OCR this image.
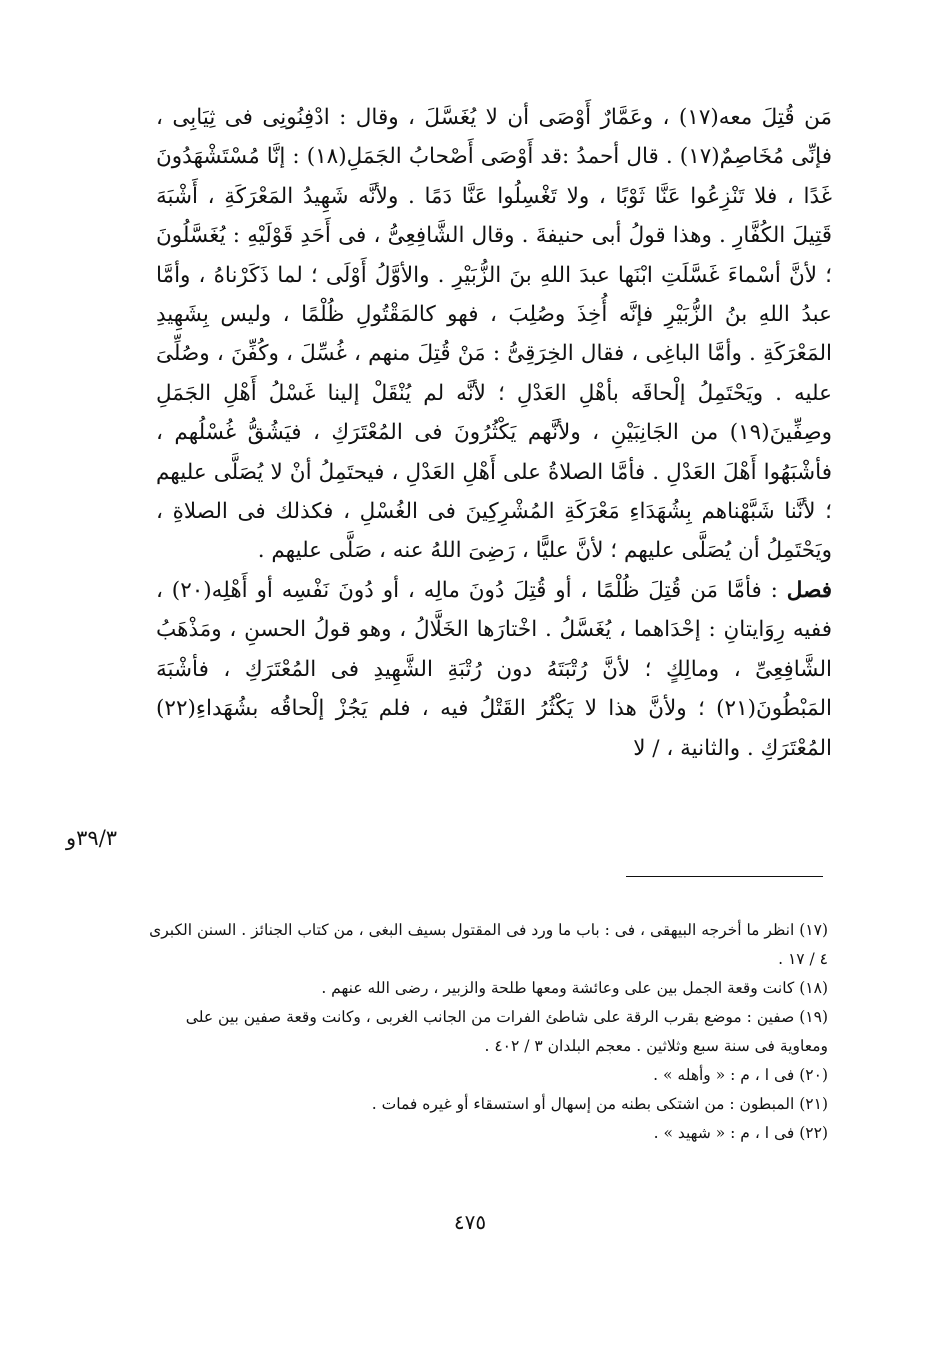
مَن قُتِلَ معه(١٧) ، وعَمَّارٌ أَوْصَى أن لا يُغَسَّلَ ، وقال : ادْفِنُونِى فى ثِيَابِى ، فإنِّى مُخَاصِمٌ(١٧) . قال أحمدُ :قد أَوْصَى أَصْحابُ الجَمَلِ(١٨) : إنَّا مُسْتَشْهَدُونَ غَدًا ، فلا تَنْزِعُوا عَنَّا ثَوْبًا ، ولا تَغْسِلُوا عَنَّا دَمًا . ولأنَّه شَهِيدُ المَعْرَكَةِ ، أَشْبَهَ قَتِيلَ الكُفَّارِ . وهذا قولُ أبى حنيفةَ . وقال الشَّافِعِىُّ ، فى أَحَدِ قَوْلَيْهِ : يُغَسَّلُونَ ؛ لأنَّ أسْماءَ غَسَّلَتِ ابْنَها عبدَ اللهِ بنَ الزُّبَيْرِ . والأوَّلُ أَوْلَى ؛ لما ذَكَرْناهُ ، وأمَّا عبدُ اللهِ بنُ الزُّبَيْرِ فإنَّه أُخِذَ وصُلِبَ ، فهو كالمَقْتُولِ ظُلْمًا ، وليس بِشَهِيدِ المَعْرَكَةِ . وأمَّا الباغِى ، فقال الخِرَقِىُّ : مَنْ قُتِلَ منهم ، غُسِّلَ ، وكُفِّنَ ، وصُلِّىَ عليه . ويَحْتَمِلُ إلْحاقَه بأهْلِ العَدْلِ ؛ لأنَّه لم يُنْقَلْ إلينا غَسْلُ أَهْلِ الجَمَلِ وصِفِّينَ(١٩) من الجَانِبَيْنِ ، ولأنَّهم يَكْثُرُونَ فى المُعْتَرَكِ ، فيَشُقُّ غُسْلُهم ، فأشْبَهُوا أَهْلَ العَدْلِ . فأمَّا الصلاةُ على أَهْلِ العَدْلِ ، فيحتَمِلُ أنْ لا يُصَلَّى عليهم ؛ لأنَّنا شَبَّهْناهم بِشُهَدَاءِ مَعْرَكَةِ المُشْرِكِينَ فى الغُسْلِ ، فكذلك فى الصلاةِ ، ويَحْتَمِلُ أن يُصَلَّى عليهم ؛ لأنَّ عليًّا ، رَضِىَ اللهُ عنه ، صَلَّى عليهم .

فصل : فأمَّا مَن قُتِلَ ظُلْمًا ، أو قُتِلَ دُونَ مالِه ، أو دُونَ نَفْسِه أو أَهْلِه(٢٠) ، ففيه رِوَايتانِ : إحْدَاهما ، يُغَسَّلُ . اخْتارَها الخَلَّالُ ، وهو قولُ الحسنِ ، ومَذْهَبُ الشَّافِعِىِّ ، ومالِكٍ ؛ لأنَّ رُتْبَتَهُ دون رُتْبَةِ الشَّهِيدِ فى المُعْتَرَكِ ، فأشْبَهَ المَبْطُونَ(٢١) ؛ ولأنَّ هذا لا يَكْثُرُ القَتْلُ فيه ، فلم يَجُزْ إلْحاقُه بشُهَداءِ(٢٢) المُعْتَرَكِ . والثانية ، / لا

٣٩/٣و
(١٧) انظر ما أخرجه البيهقى ، فى : باب ما ورد فى المقتول بسيف البغى ، من كتاب الجنائز . السنن الكبرى ٤ / ١٧ .
(١٨) كانت وقعة الجمل بين على وعائشة ومعها طلحة والزبير ، رضى الله عنهم .
(١٩) صفين : موضع بقرب الرقة على شاطئ الفرات من الجانب الغربى ، وكانت وقعة صفين بين على ومعاوية فى سنة سبع وثلاثين . معجم البلدان ٣ / ٤٠٢ .
(٢٠) فى ا ، م : « وأهله » .
(٢١) المبطون : من اشتكى بطنه من إسهال أو استسقاء أو غيره فمات .
(٢٢) فى ا ، م : « شهيد » .
٤٧٥
